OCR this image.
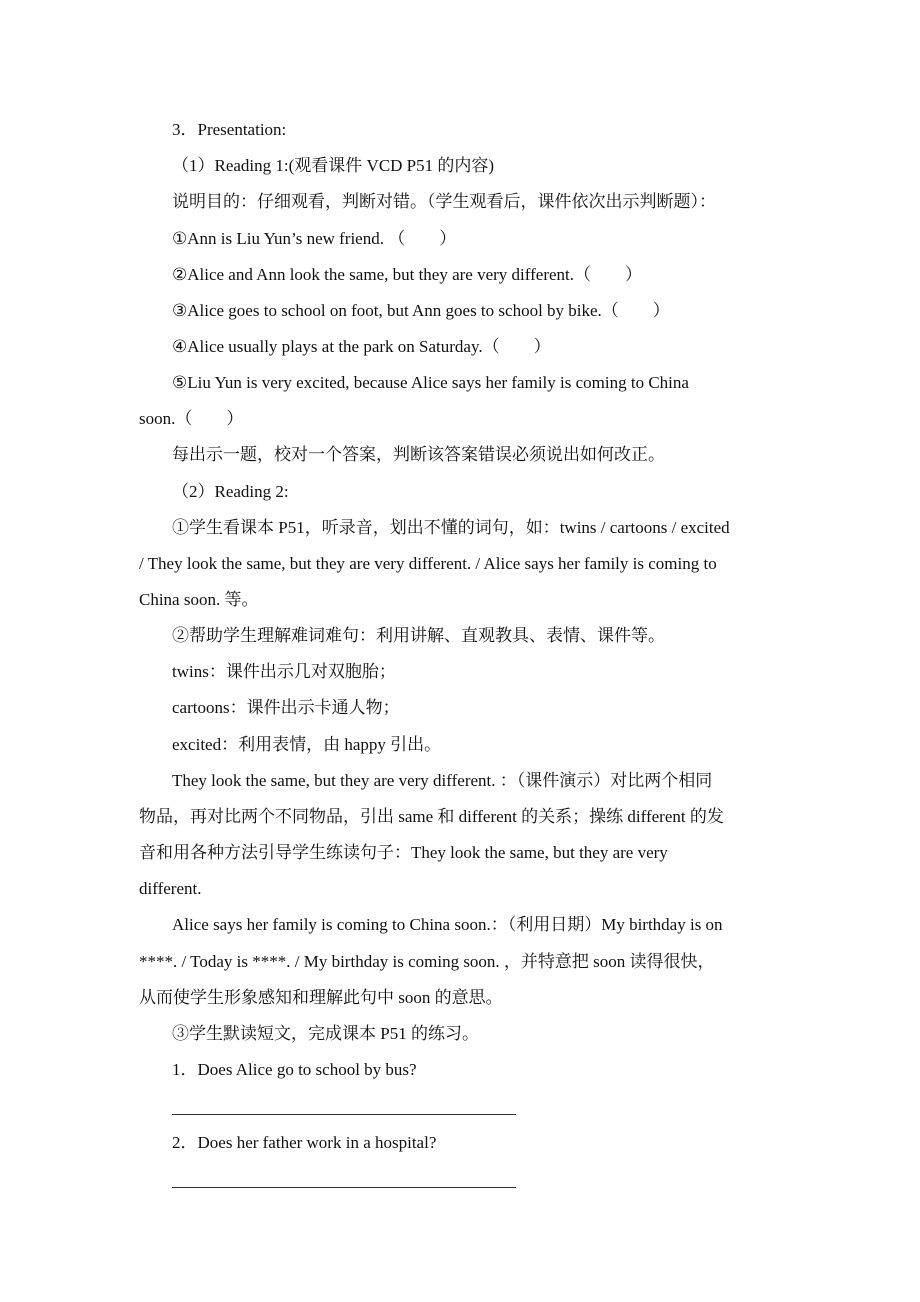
3．Presentation:
（1）Reading 1:(观看课件 VCD P51 的内容)
说明目的：仔细观看，判断对错。（学生观看后，课件依次出示判断题）：
①Ann is Liu Yun’s new friend. （　　）
②Alice and Ann look the same, but they are very different.（　　）
③Alice goes to school on foot, but Ann goes to school by bike.（　　）
④Alice usually plays at the park on Saturday.（　　）
⑤Liu Yun is very excited, because Alice says her family is coming to China
soon.（　　）
每出示一题，校对一个答案，判断该答案错误必须说出如何改正。
（2）Reading 2:
①学生看课本 P51，听录音，划出不懂的词句，如：twins / cartoons / excited
/ They look the same, but they are very different. / Alice says her family is coming to
China soon. 等。
②帮助学生理解难词难句：利用讲解、直观教具、表情、课件等。
twins：课件出示几对双胞胎；
cartoons：课件出示卡通人物；
excited：利用表情，由 happy 引出。
They look the same, but they are very different. ：（课件演示）对比两个相同
物品，再对比两个不同物品，引出 same 和 different 的关系；操练 different 的发
音和用各种方法引导学生练读句子：They look the same, but they are very
different.
Alice says her family is coming to China soon.：（利用日期）My birthday is on
****. / Today is ****. / My birthday is coming soon. ，并特意把 soon 读得很快，
从而使学生形象感知和理解此句中 soon 的意思。
③学生默读短文，完成课本 P51 的练习。
1．Does Alice go to school by bus?
2．Does her father work in a hospital?
